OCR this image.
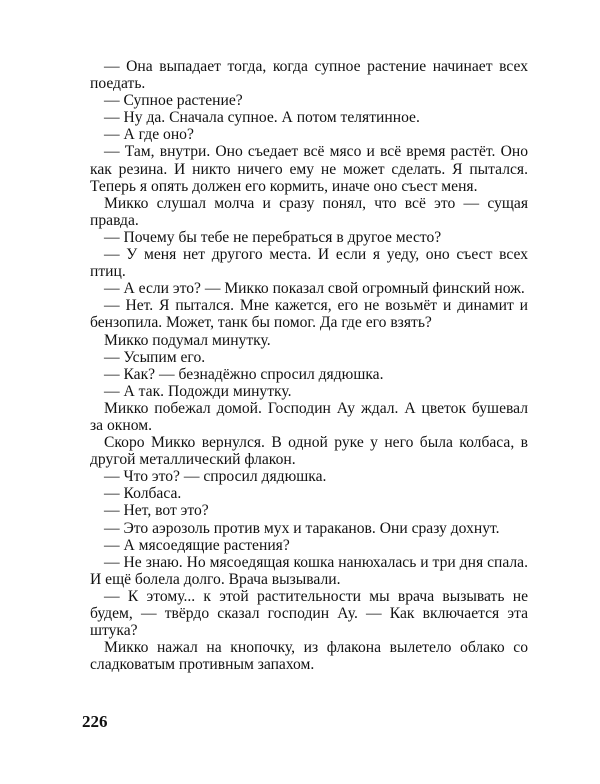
— Она выпадает тогда, когда супное растение начинает всех поедать.

— Супное растение?

— Ну да. Сначала супное. А потом телятинное.

— А где оно?

— Там, внутри. Оно съедает всё мясо и всё время растёт. Оно как резина. И никто ничего ему не может сделать. Я пытался. Теперь я опять должен его кормить, иначе оно съест меня.

Микко слушал молча и сразу понял, что всё это — сущая правда.

— Почему бы тебе не перебраться в другое место?

— У меня нет другого места. И если я уеду, оно съест всех птиц.

— А если это? — Микко показал свой огромный финский нож.

— Нет. Я пытался. Мне кажется, его не возьмёт и динамит и бензопила. Может, танк бы помог. Да где его взять?

Микко подумал минутку.

— Усыпим его.

— Как? — безнадёжно спросил дядюшка.

— А так. Подожди минутку.

Микко побежал домой. Господин Ау ждал. А цветок бушевал за окном.

Скоро Микко вернулся. В одной руке у него была колбаса, в другой металлический флакон.

— Что это? — спросил дядюшка.

— Колбаса.

— Нет, вот это?

— Это аэрозоль против мух и тараканов. Они сразу дохнут.

— А мясоедящие растения?

— Не знаю. Но мясоедящая кошка нанюхалась и три дня спала. И ещё болела долго. Врача вызывали.

— К этому... к этой растительности мы врача вызывать не будем, — твёрдо сказал господин Ау. — Как включается эта штука?

Микко нажал на кнопочку, из флакона вылетело облако со сладковатым противным запахом.

226
